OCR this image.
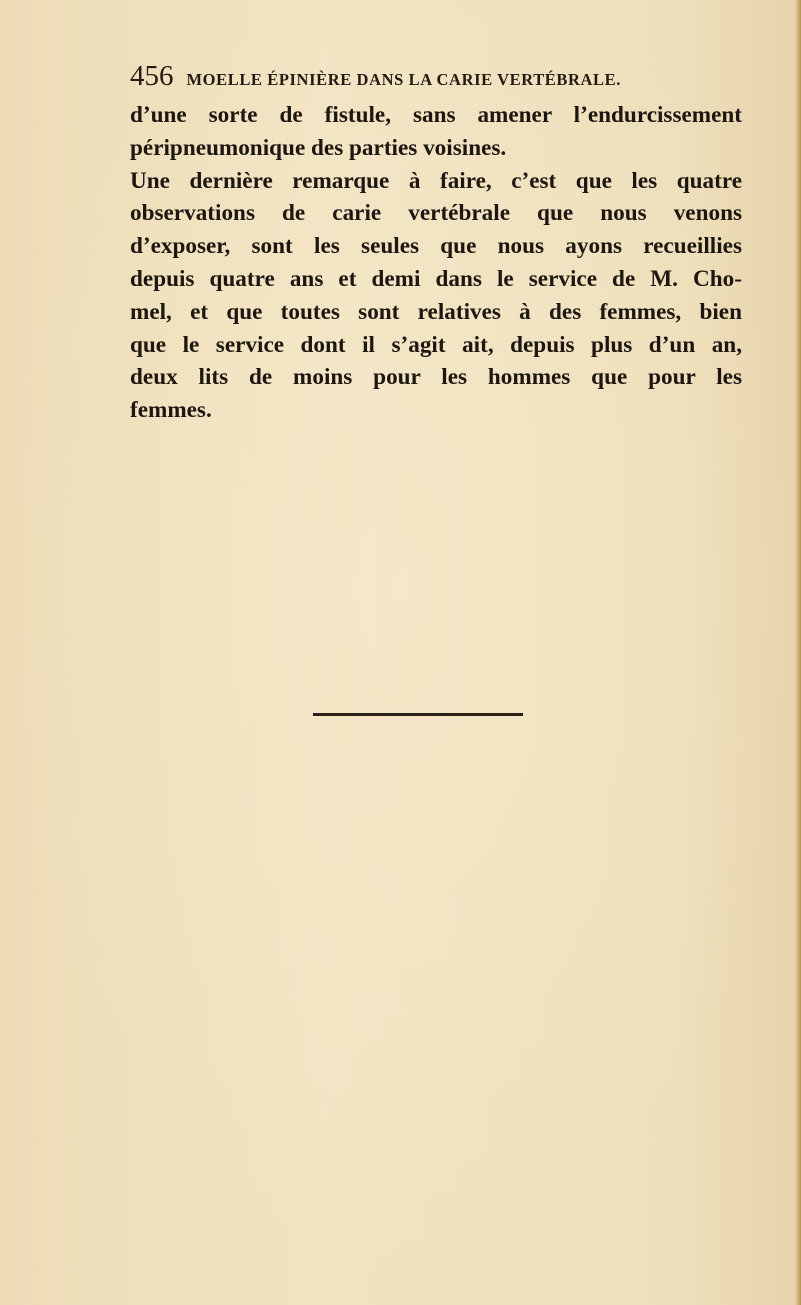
456 MOELLE ÉPINIÈRE DANS LA CARIE VERTÉBRALE.
d’une sorte de fistule, sans amener l’endurcissement
péripneumonique des parties voisines.
Une dernière remarque à faire, c’est que les quatre
observations de carie vertébrale que nous venons
d’exposer, sont les seules que nous ayons recueillies
depuis quatre ans et demi dans le service de M. Cho-
mel, et que toutes sont relatives à des femmes, bien
que le service dont il s’agit ait, depuis plus d’un an,
deux lits de moins pour les hommes que pour les
femmes.
